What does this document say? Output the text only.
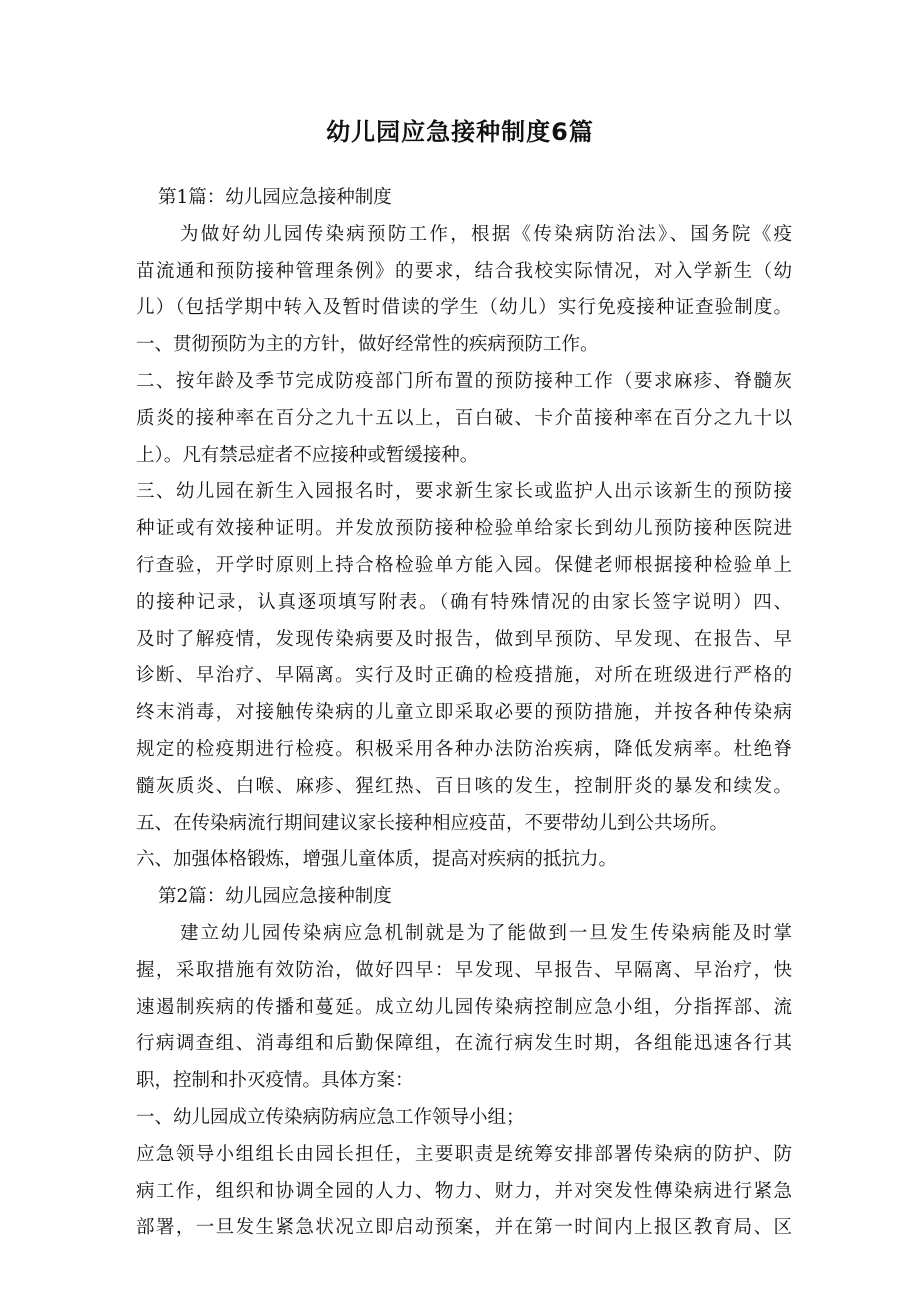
幼儿园应急接种制度6篇
第1篇：幼儿园应急接种制度
为做好幼儿园传染病预防工作，根据《传染病防治法》、国务院《疫
苗流通和预防接种管理条例》的要求，结合我校实际情况，对入学新生（幼
儿）（包括学期中转入及暂时借读的学生（幼儿）实行免疫接种证查验制度。
一、贯彻预防为主的方针，做好经常性的疾病预防工作。
二、按年龄及季节完成防疫部门所布置的预防接种工作（要求麻疹、脊髓灰
质炎的接种率在百分之九十五以上，百白破、卡介苗接种率在百分之九十以
上）。凡有禁忌症者不应接种或暂缓接种。
三、幼儿园在新生入园报名时，要求新生家长或监护人出示该新生的预防接
种证或有效接种证明。并发放预防接种检验单给家长到幼儿预防接种医院进
行查验，开学时原则上持合格检验单方能入园。保健老师根据接种检验单上
的接种记录，认真逐项填写附表。（确有特殊情况的由家长签字说明）四、
及时了解疫情，发现传染病要及时报告，做到早预防、早发现、在报告、早
诊断、早治疗、早隔离。实行及时正确的检疫措施，对所在班级进行严格的
终末消毒，对接触传染病的儿童立即采取必要的预防措施，并按各种传染病
规定的检疫期进行检疫。积极采用各种办法防治疾病，降低发病率。杜绝脊
髓灰质炎、白喉、麻疹、猩红热、百日咳的发生，控制肝炎的暴发和续发。
五、在传染病流行期间建议家长接种相应疫苗，不要带幼儿到公共场所。
六、加强体格锻炼，增强儿童体质，提高对疾病的抵抗力。
第2篇：幼儿园应急接种制度
建立幼儿园传染病应急机制就是为了能做到一旦发生传染病能及时掌
握，采取措施有效防治，做好四早：早发现、早报告、早隔离、早治疗，快
速遏制疾病的传播和蔓延。成立幼儿园传染病控制应急小组，分指挥部、流
行病调查组、消毒组和后勤保障组，在流行病发生时期，各组能迅速各行其
职，控制和扑灭疫情。具体方案：
一、幼儿园成立传染病防病应急工作领导小组；
应急领导小组组长由园长担任，主要职责是统筹安排部署传染病的防护、防
病工作，组织和协调全园的人力、物力、财力，并对突发性傳染病进行紧急
部署，一旦发生紧急状况立即启动预案，并在第一时间内上报区教育局、区
